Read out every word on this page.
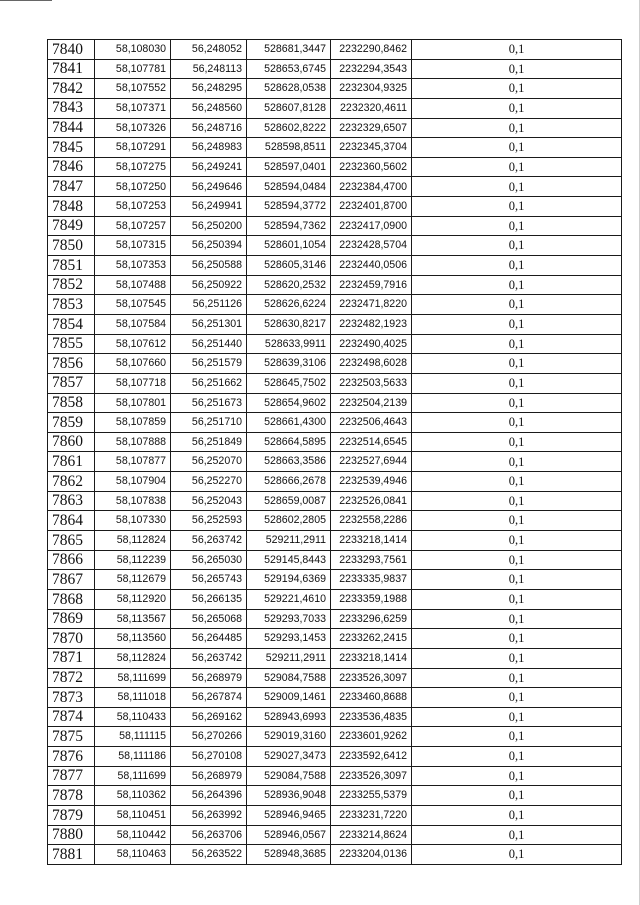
7840	58,108030	56,248052	528681,3447	2232290,8462	0,1
7841	58,107781	56,248113	528653,6745	2232294,3543	0,1
7842	58,107552	56,248295	528628,0538	2232304,9325	0,1
7843	58,107371	56,248560	528607,8128	2232320,4611	0,1
7844	58,107326	56,248716	528602,8222	2232329,6507	0,1
7845	58,107291	56,248983	528598,8511	2232345,3704	0,1
7846	58,107275	56,249241	528597,0401	2232360,5602	0,1
7847	58,107250	56,249646	528594,0484	2232384,4700	0,1
7848	58,107253	56,249941	528594,3772	2232401,8700	0,1
7849	58,107257	56,250200	528594,7362	2232417,0900	0,1
7850	58,107315	56,250394	528601,1054	2232428,5704	0,1
7851	58,107353	56,250588	528605,3146	2232440,0506	0,1
7852	58,107488	56,250922	528620,2532	2232459,7916	0,1
7853	58,107545	56,251126	528626,6224	2232471,8220	0,1
7854	58,107584	56,251301	528630,8217	2232482,1923	0,1
7855	58,107612	56,251440	528633,9911	2232490,4025	0,1
7856	58,107660	56,251579	528639,3106	2232498,6028	0,1
7857	58,107718	56,251662	528645,7502	2232503,5633	0,1
7858	58,107801	56,251673	528654,9602	2232504,2139	0,1
7859	58,107859	56,251710	528661,4300	2232506,4643	0,1
7860	58,107888	56,251849	528664,5895	2232514,6545	0,1
7861	58,107877	56,252070	528663,3586	2232527,6944	0,1
7862	58,107904	56,252270	528666,2678	2232539,4946	0,1
7863	58,107838	56,252043	528659,0087	2232526,0841	0,1
7864	58,107330	56,252593	528602,2805	2232558,2286	0,1
7865	58,112824	56,263742	529211,2911	2233218,1414	0,1
7866	58,112239	56,265030	529145,8443	2233293,7561	0,1
7867	58,112679	56,265743	529194,6369	2233335,9837	0,1
7868	58,112920	56,266135	529221,4610	2233359,1988	0,1
7869	58,113567	56,265068	529293,7033	2233296,6259	0,1
7870	58,113560	56,264485	529293,1453	2233262,2415	0,1
7871	58,112824	56,263742	529211,2911	2233218,1414	0,1
7872	58,111699	56,268979	529084,7588	2233526,3097	0,1
7873	58,111018	56,267874	529009,1461	2233460,8688	0,1
7874	58,110433	56,269162	528943,6993	2233536,4835	0,1
7875	58,111115	56,270266	529019,3160	2233601,9262	0,1
7876	58,111186	56,270108	529027,3473	2233592,6412	0,1
7877	58,111699	56,268979	529084,7588	2233526,3097	0,1
7878	58,110362	56,264396	528936,9048	2233255,5379	0,1
7879	58,110451	56,263992	528946,9465	2233231,7220	0,1
7880	58,110442	56,263706	528946,0567	2233214,8624	0,1
7881	58,110463	56,263522	528948,3685	2233204,0136	0,1
